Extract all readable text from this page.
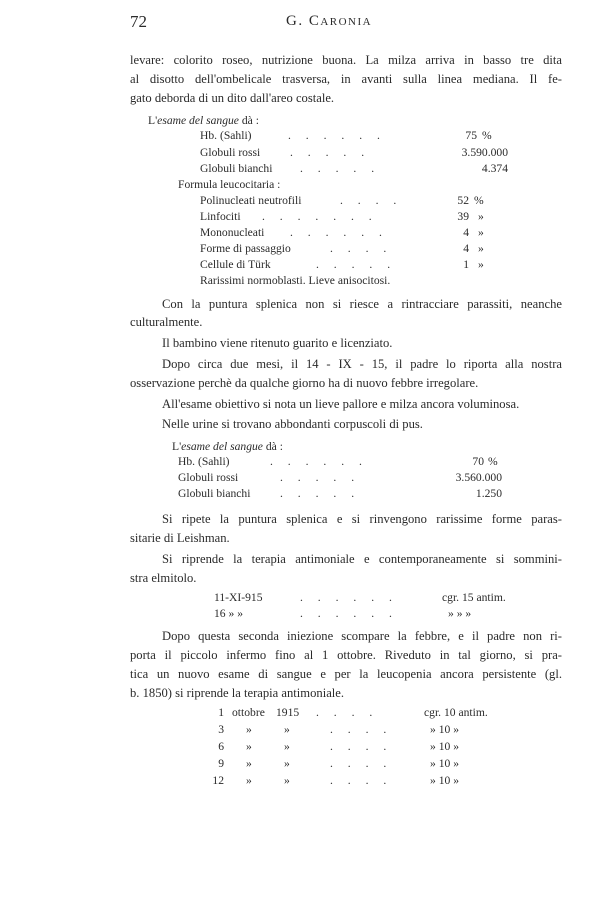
72	G. Caronia
levare: colorito roseo, nutrizione buona. La milza arriva in basso tre dita
al disotto dell'ombelicale trasversa, in avanti sulla linea mediana. Il fe-
gato deborda di un dito dall'areo costale.
L'esame del sangue dà :
Hb. (Sahli)	. . . . . .	75 %
Globuli rossi	. . . . .	3.590.000
Globuli bianchi . . . . .	4.374
Formula leucocitaria :
Polinucleati neutrofili	. . . .	52 %
Linfociti . . . . . . .	39 »
Mononucleati . . . . . .	4 »
Forme di passaggio	. . . .	4 »
Cellule di Türk	. . . . .	1 »
Rarissimi normoblasti. Lieve anisocitosi.
Con la puntura splenica non si riesce a rintracciare parassiti, neanche
culturalmente.
Il bambino viene ritenuto guarito e licenziato.
Dopo circa due mesi, il 14 - IX - 15, il padre lo riporta alla nostra
osservazione perchè da qualche giorno ha di nuovo febbre irregolare.
All'esame obiettivo si nota un lieve pallore e milza ancora voluminosa.
Nelle urine si trovano abbondanti corpuscoli di pus.
L'esame del sangue dà :
Hb. (Sahli)	. . . . . .	70 %
Globuli rossi	. . . . .	3.560.000
Globuli bianchi	. . . . .	1.250
Si ripete la puntura splenica e si rinvengono rarissime forme paras-
sitarie di Leishman.
Si riprende la terapia antimoniale e contemporaneamente si sommini-
stra elmitolo.
11-XI-915	. . . . . .	cgr. 15 antim.
16 » »	. . . . . .	» » »
Dopo questa seconda iniezione scompare la febbre, e il padre non ri-
porta il piccolo infermo fino al 1 ottobre. Riveduto in tal giorno, si pra-
tica un nuovo esame di sangue e per la leucopenia ancora persistente (gl.
b. 1850) si riprende la terapia antimoniale.
1 ottobre 1915 . . . .	cgr. 10 antim.
3 »	»	. . . .	» 10 »
6 »	»	. . . .	» 10 »
9 »	»	. . . .	» 10 »
12 »	»	. . . .	» 10 »
